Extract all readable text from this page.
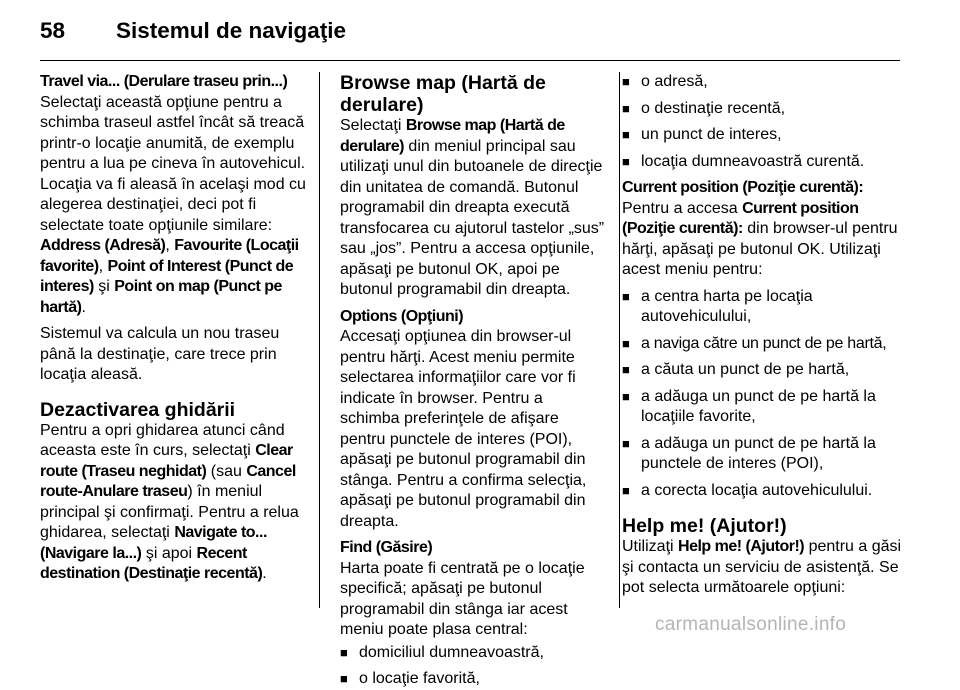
58 Sistemul de navigaţie

Travel via... (Derulare traseu prin...)

Selectaţi această opţiune pentru a schimba traseul astfel încât să treacă printr-o locaţie anumită, de exemplu pentru a lua pe cineva în autovehicul. Locaţia va fi aleasă în acelaşi mod cu alegerea destinaţiei, deci pot fi selectate toate opţiunile similare: Address (Adresă), Favourite (Locaţii favorite), Point of Interest (Punct de interes) şi Point on map (Punct pe hartă).

Sistemul va calcula un nou traseu până la destinaţie, care trece prin locaţia aleasă.

Dezactivarea ghidării

Pentru a opri ghidarea atunci când aceasta este în curs, selectaţi Clear route (Traseu neghidat) (sau Cancel route-Anulare traseu) în meniul principal şi confirmaţi. Pentru a relua ghidarea, selectaţi Navigate to... (Navigare la...) şi apoi Recent destination (Destinaţie recentă).

Browse map (Hartă de derulare)

Selectaţi Browse map (Hartă de derulare) din meniul principal sau utilizaţi unul din butoanele de direcţie din unitatea de comandă. Butonul programabil din dreapta execută transfocarea cu ajutorul tastelor „sus” sau „jos”. Pentru a accesa opţiunile, apăsaţi pe butonul OK, apoi pe butonul programabil din dreapta.

Options (Opţiuni)

Accesaţi opţiunea din browser-ul pentru hărţi. Acest meniu permite selectarea informaţiilor care vor fi indicate în browser. Pentru a schimba preferinţele de afişare pentru punctele de interes (POI), apăsaţi pe butonul programabil din stânga. Pentru a confirma selecţia, apăsaţi pe butonul programabil din dreapta.

Find (Găsire)

Harta poate fi centrată pe o locaţie specifică; apăsaţi pe butonul programabil din stânga iar acest meniu poate plasa central:

■ domiciliul dumneavoastră,
■ o locaţie favorită,
■ o adresă,
■ o destinaţie recentă,
■ un punct de interes,
■ locaţia dumneavoastră curentă.

Current position (Poziţie curentă):

Pentru a accesa Current position (Poziţie curentă): din browser-ul pentru hărţi, apăsaţi pe butonul OK. Utilizaţi acest meniu pentru:

■ a centra harta pe locaţia autovehiculului,
■ a naviga către un punct de pe hartă,
■ a căuta un punct de pe hartă,
■ a adăuga un punct de pe hartă la locaţiile favorite,
■ a adăuga un punct de pe hartă la punctele de interes (POI),
■ a corecta locaţia autovehiculului.
Help me! (Ajutor!)

Utilizaţi Help me! (Ajutor!) pentru a găsi şi contacta un serviciu de asistenţă. Se pot selecta următoarele opţiuni:

carmanualsonline.info
